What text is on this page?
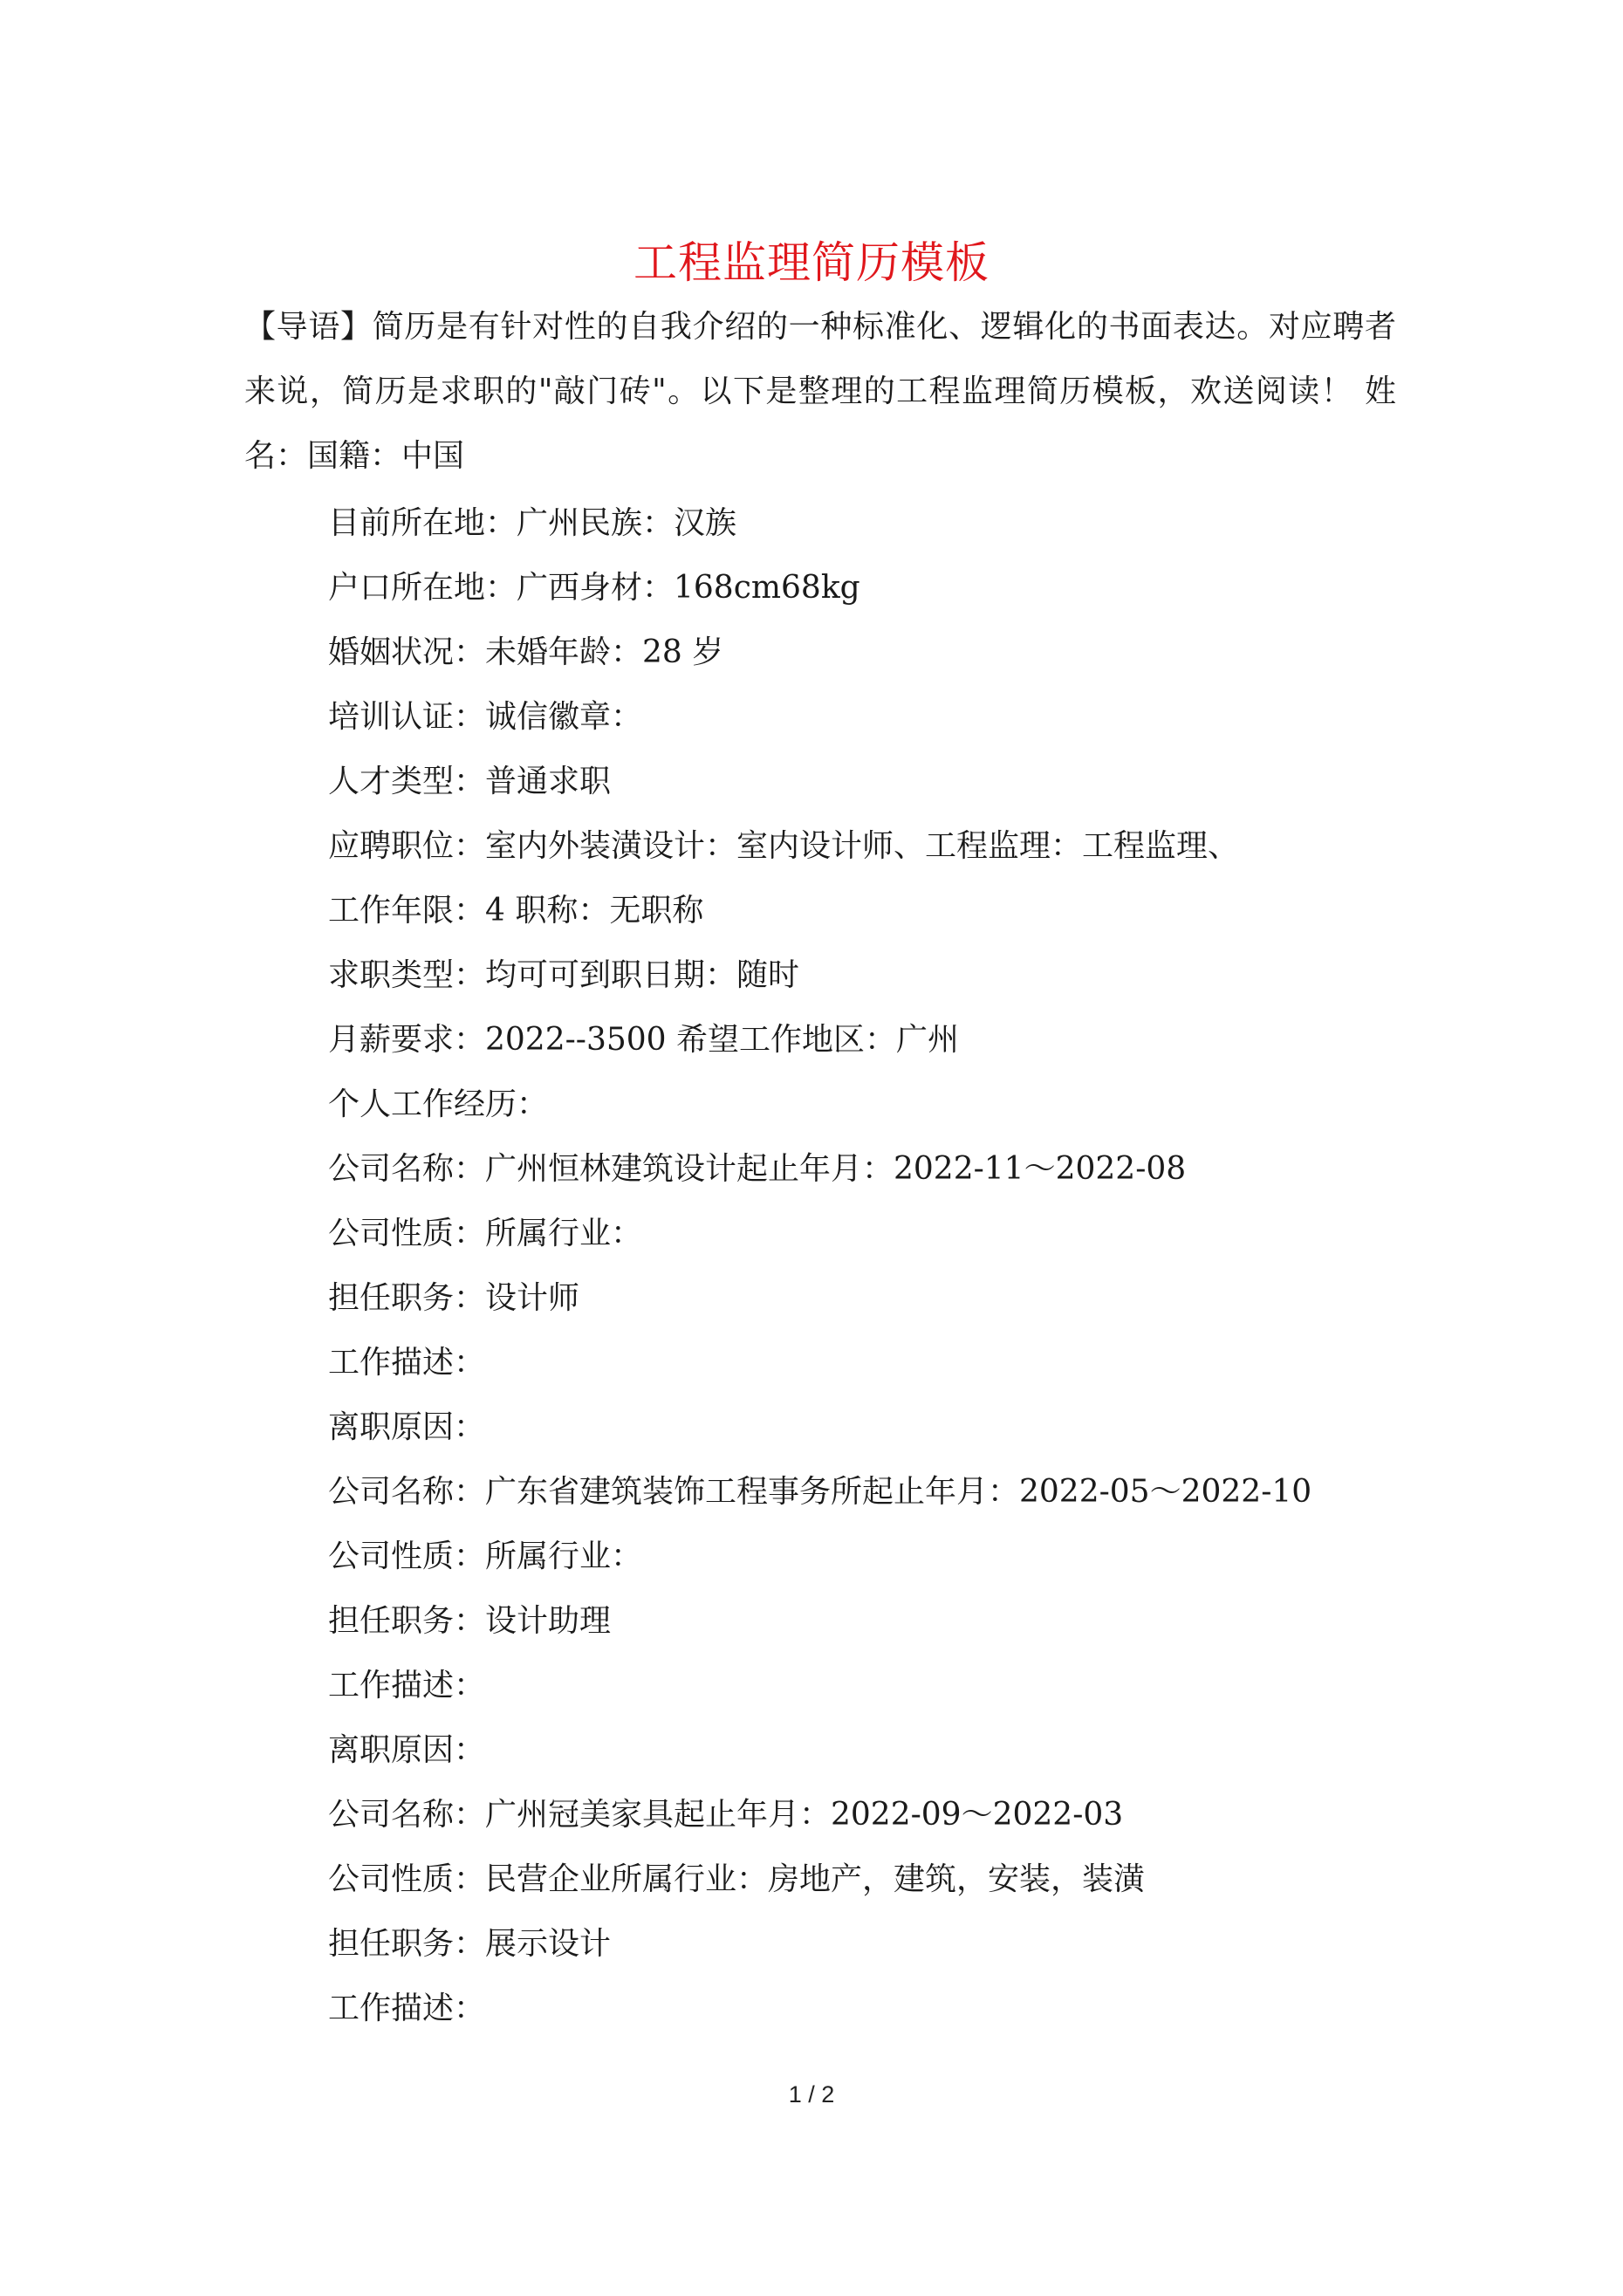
工程监理简历模板

【导语】简历是有针对性的自我介绍的一种标准化、逻辑化的书面表达。对应聘者来说，简历是求职的"敲门砖"。以下是整理的工程监理简历模板，欢送阅读！ 姓名：国籍：中国

目前所在地：广州民族：汉族
户口所在地：广西身材：168cm68kg
婚姻状况：未婚年龄：28 岁
培训认证：诚信徽章：
人才类型：普通求职
应聘职位：室内外装潢设计：室内设计师、工程监理：工程监理、
工作年限：4 职称：无职称
求职类型：均可可到职日期：随时
月薪要求：2022--3500 希望工作地区：广州
个人工作经历：
公司名称：广州恒林建筑设计起止年月：2022-11～2022-08
公司性质：所属行业：
担任职务：设计师
工作描述：
离职原因：
公司名称：广东省建筑装饰工程事务所起止年月：2022-05～2022-10
公司性质：所属行业：
担任职务：设计助理
工作描述：
离职原因：
公司名称：广州冠美家具起止年月：2022-09～2022-03
公司性质：民营企业所属行业：房地产，建筑，安装，装潢
担任职务：展示设计
工作描述：
1 / 2
